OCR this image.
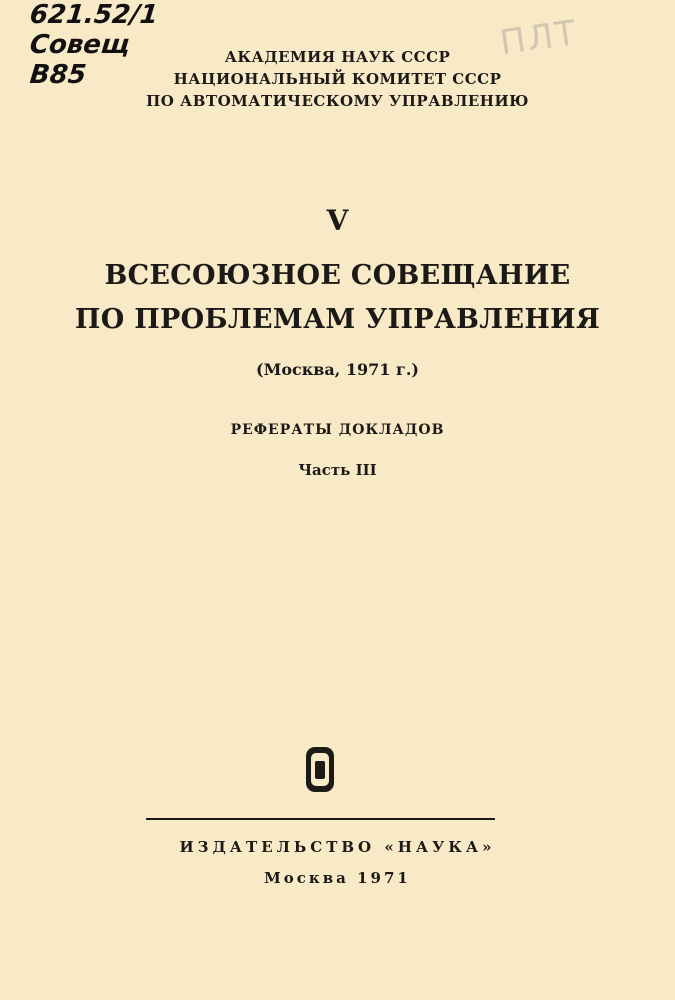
621.52/1
Совещ
В85
ПЛТ
АКАДЕМИЯ НАУК СССР
НАЦИОНАЛЬНЫЙ КОМИТЕТ СССР
ПО АВТОМАТИЧЕСКОМУ УПРАВЛЕНИЮ
V
ВСЕСОЮЗНОЕ СОВЕЩАНИЕ
ПО ПРОБЛЕМАМ УПРАВЛЕНИЯ
(Москва, 1971 г.)
РЕФЕРАТЫ ДОКЛАДОВ
Часть III
ИЗДАТЕЛЬСТВО «НАУКА»
Москва 1971
